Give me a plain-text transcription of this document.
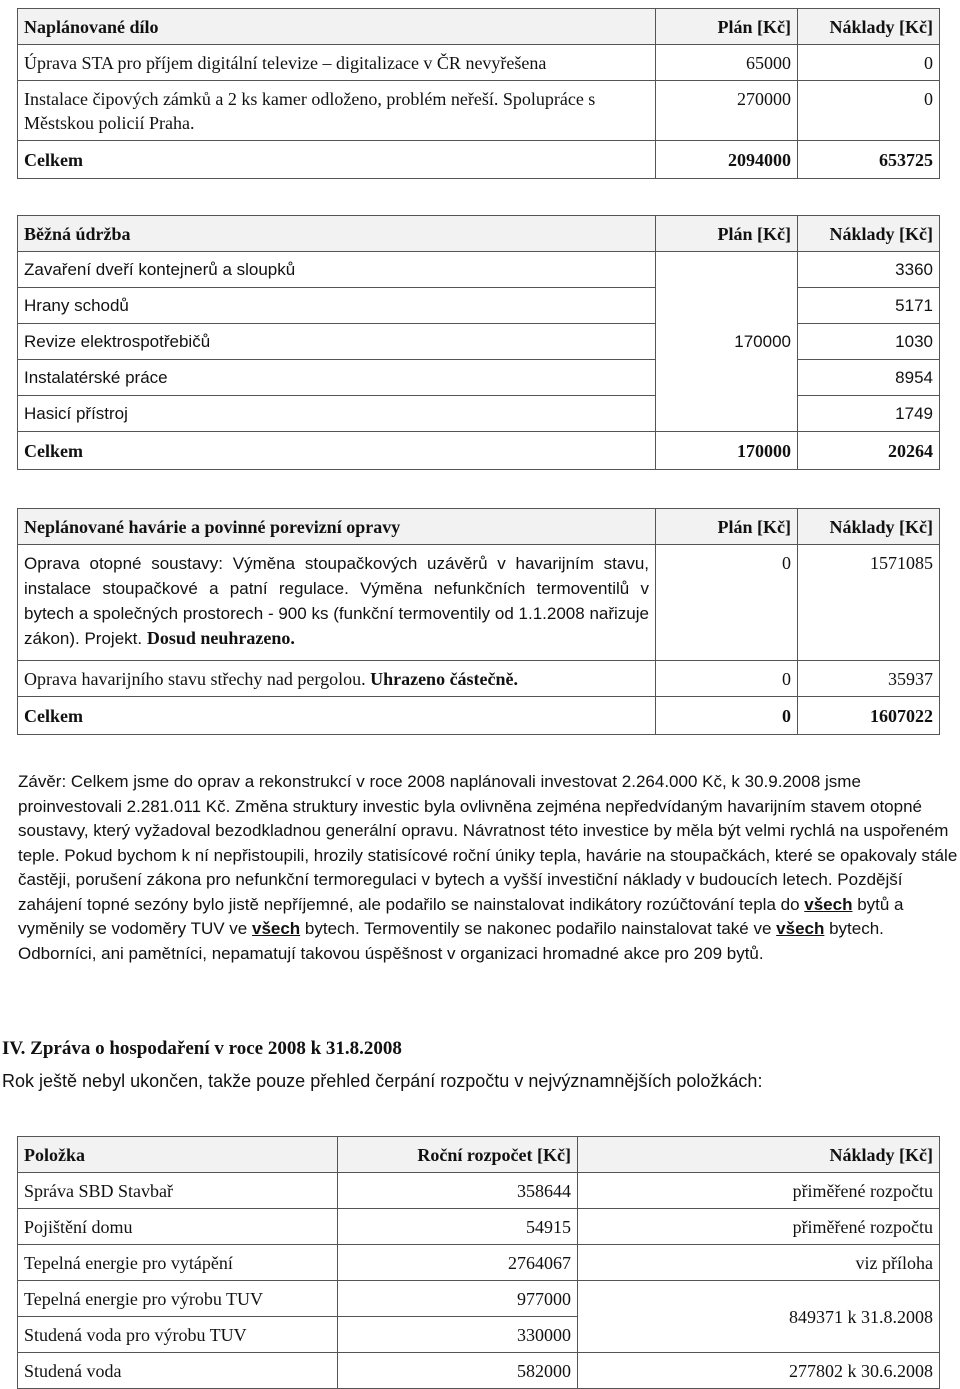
Naplánované dílo	Plán [Kč]	Náklady [Kč]
Úprava STA pro příjem digitální televize – digitalizace v ČR nevyřešena	65000	0
Instalace čipových zámků a 2 ks kamer odloženo, problém neřeší. Spolupráce s Městskou policií Praha.	270000	0
Celkem	2094000	653725
Běžná údržba	Plán [Kč]	Náklady [Kč]
Zavaření dveří kontejnerů a sloupků	170000	3360
Hrany schodů		5171
Revize elektrospotřebičů		1030
Instalatérské práce		8954
Hasicí přístroj		1749
Celkem	170000	20264
Neplánované havárie a povinné porevizní opravy	Plán [Kč]	Náklady [Kč]
Oprava otopné soustavy: Výměna stoupačkových uzávěrů v havarijním stavu, instalace stoupačkové a patní regulace. Výměna nefunkčních termoventilů v bytech a společných prostorech - 900 ks (funkční termoventily od 1.1.2008 nařizuje zákon). Projekt. Dosud neuhrazeno.	0	1571085
Oprava havarijního stavu střechy nad pergolou. Uhrazeno částečně.	0	35937
Celkem	0	1607022
Závěr: Celkem jsme do oprav a rekonstrukcí v roce 2008 naplánovali investovat 2.264.000 Kč, k 30.9.2008 jsme proinvestovali 2.281.011 Kč. Změna struktury investic byla ovlivněna zejména nepředvídaným havarijním stavem otopné soustavy, který vyžadoval bezodkladnou generální opravu. Návratnost této investice by měla být velmi rychlá na uspořeném teple. Pokud bychom k ní nepřistoupili, hrozily statisícové roční úniky tepla, havárie na stoupačkách, které se opakovaly stále častěji, porušení zákona pro nefunkční termoregulaci v bytech a vyšší investiční náklady v budoucích letech. Pozdější zahájení topné sezóny bylo jistě nepříjemné, ale podařilo se nainstalovat indikátory rozúčtování tepla do všech bytů a vyměnily se vodoměry TUV ve všech bytech. Termoventily se nakonec podařilo nainstalovat také ve všech bytech. Odborníci, ani pamětníci, nepamatují takovou úspěšnost v organizaci hromadné akce pro 209 bytů.
IV. Zpráva o hospodaření v roce 2008 k 31.8.2008
Rok ještě nebyl ukončen, takže pouze přehled čerpání rozpočtu v nejvýznamnějších položkách:
Položka	Roční rozpočet [Kč]	Náklady [Kč]
Správa SBD Stavbař	358644	přiměřené rozpočtu
Pojištění domu	54915	přiměřené rozpočtu
Tepelná energie pro vytápění	2764067	viz příloha
Tepelná energie pro výrobu TUV	977000	849371 k 31.8.2008
Studená voda pro výrobu TUV	330000	
Studená voda	582000	277802 k 30.6.2008
